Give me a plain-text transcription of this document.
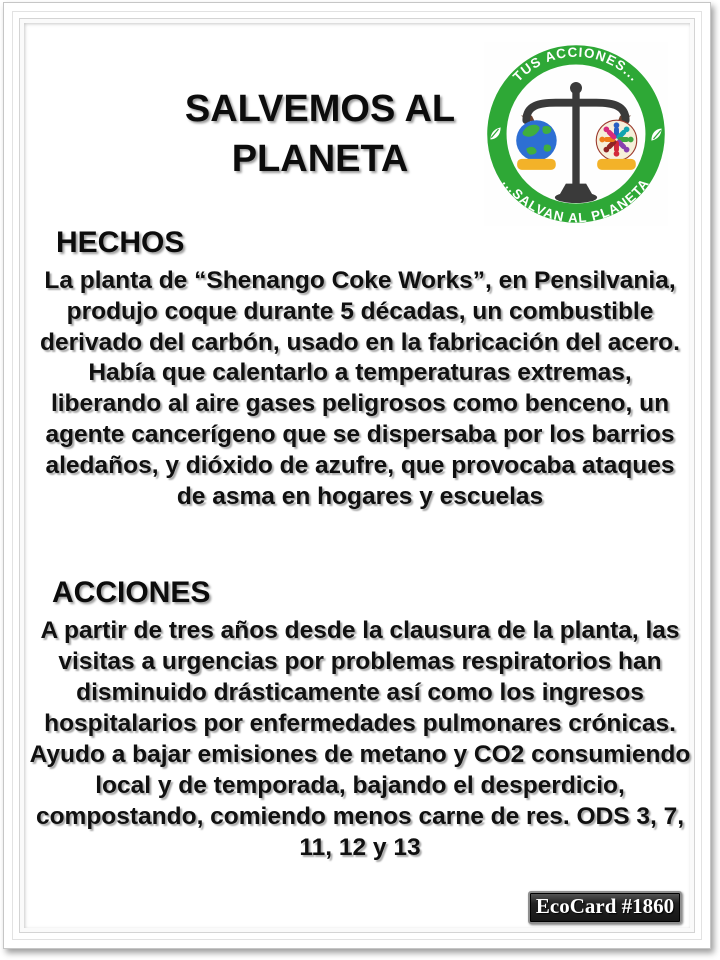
SALVEMOS AL PLANETA
TUS ACCIONES...
...SALVAN AL PLANETA
HECHOS
La planta de “Shenango Coke Works”, en Pensilvania, produjo coque durante 5 décadas, un combustible derivado del carbón, usado en la fabricación del acero. Había que calentarlo a temperaturas extremas, liberando al aire gases peligrosos como benceno, un agente cancerígeno que se dispersaba por los barrios aledaños, y dióxido de azufre, que provocaba ataques de asma en hogares y escuelas
ACCIONES
A partir de tres años desde la clausura de la planta, las visitas a urgencias por problemas respiratorios han disminuido drásticamente así como los ingresos hospitalarios por enfermedades pulmonares crónicas. Ayudo a bajar emisiones de metano y CO2 consumiendo local y de temporada, bajando el desperdicio, compostando, comiendo menos carne de res. ODS 3, 7, 11, 12 y 13
EcoCard #1860
